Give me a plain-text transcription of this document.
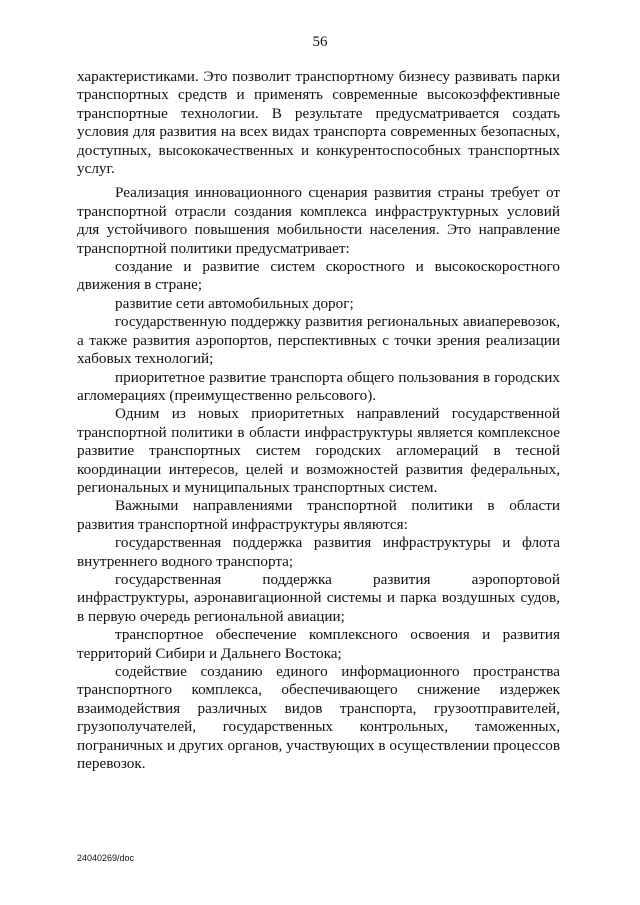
56

характеристиками. Это позволит транспортному бизнесу развивать парки транспортных средств и применять современные высокоэффективные транспортные технологии. В результате предусматривается создать условия для развития на всех видах транспорта современных безопасных, доступных, высококачественных и конкурентоспособных транспортных услуг.

Реализация инновационного сценария развития страны требует от транспортной отрасли создания комплекса инфраструктурных условий для устойчивого повышения мобильности населения. Это направление транспортной политики предусматривает:

создание и развитие систем скоростного и высокоскоростного движения в стране;

развитие сети автомобильных дорог;

государственную поддержку развития региональных авиаперевозок, а также развития аэропортов, перспективных с точки зрения реализации хабовых технологий;

приоритетное развитие транспорта общего пользования в городских агломерациях (преимущественно рельсового).

Одним из новых приоритетных направлений государственной транспортной политики в области инфраструктуры является комплексное развитие транспортных систем городских агломераций в тесной координации интересов, целей и возможностей развития федеральных, региональных и муниципальных транспортных систем.

Важными направлениями транспортной политики в области развития транспортной инфраструктуры являются:

государственная поддержка развития инфраструктуры и флота внутреннего водного транспорта;

государственная поддержка развития аэропортовой инфраструктуры, аэронавигационной системы и парка воздушных судов, в первую очередь региональной авиации;

транспортное обеспечение комплексного освоения и развития территорий Сибири и Дальнего Востока;

содействие созданию единого информационного пространства транспортного комплекса, обеспечивающего снижение издержек взаимодействия различных видов транспорта, грузоотправителей, грузополучателей, государственных контрольных, таможенных, пограничных и других органов, участвующих в осуществлении процессов перевозок.

24040269/doc
